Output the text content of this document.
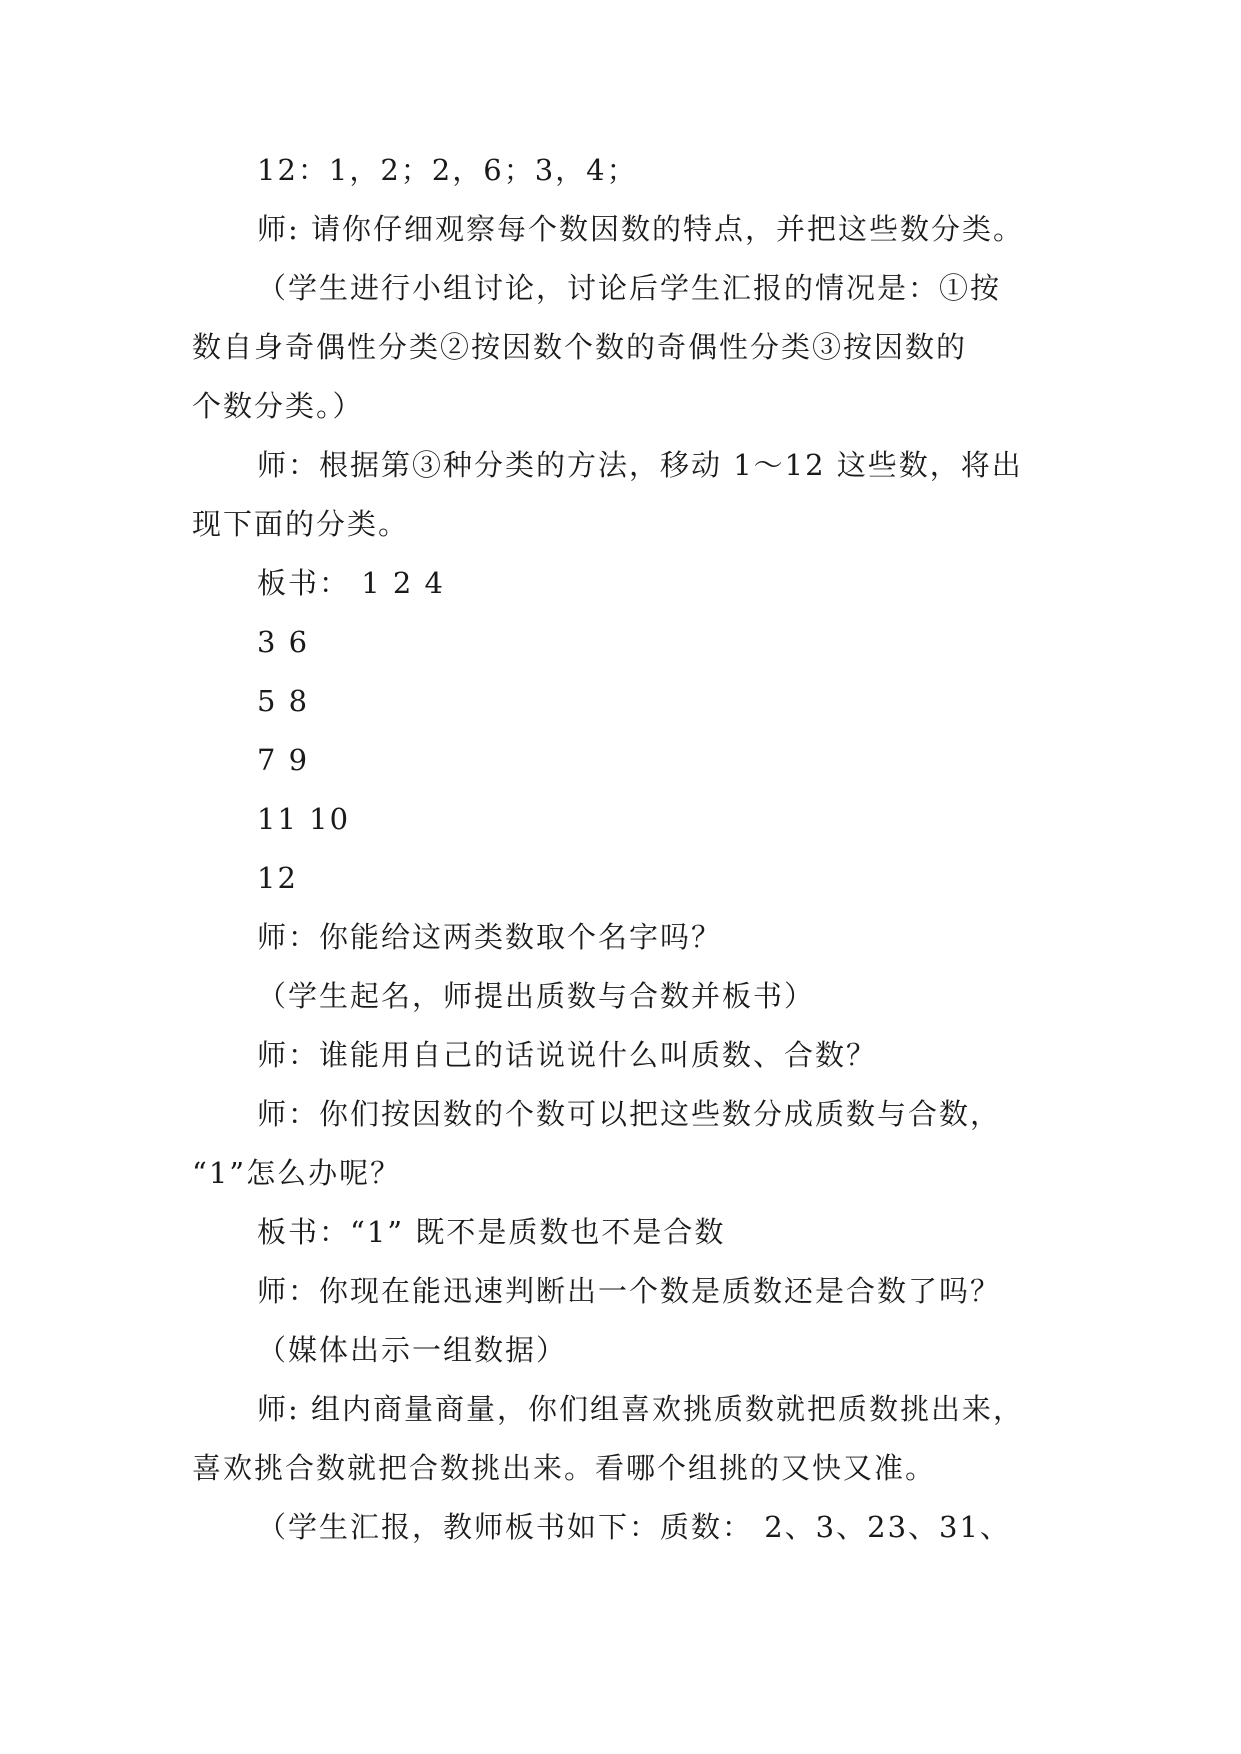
12：1，2；2，6；3，4；
师: 请你仔细观察每个数因数的特点，并把这些数分类。
（学生进行小组讨论，讨论后学生汇报的情况是：①按
数自身奇偶性分类②按因数个数的奇偶性分类③按因数的
个数分类。）
师：根据第③种分类的方法，移动 1～12 这些数，将出
现下面的分类。
板书： 1 2 4
3 6
5 8
7 9
11 10
12
师：你能给这两类数取个名字吗？
（学生起名，师提出质数与合数并板书）
师：谁能用自己的话说说什么叫质数、合数？
师：你们按因数的个数可以把这些数分成质数与合数，
“1”怎么办呢？
板书：“1” 既不是质数也不是合数
师：你现在能迅速判断出一个数是质数还是合数了吗？
（媒体出示一组数据）
师: 组内商量商量，你们组喜欢挑质数就把质数挑出来，
喜欢挑合数就把合数挑出来。看哪个组挑的又快又准。
（学生汇报，教师板书如下：质数： 2、3、23、31、
